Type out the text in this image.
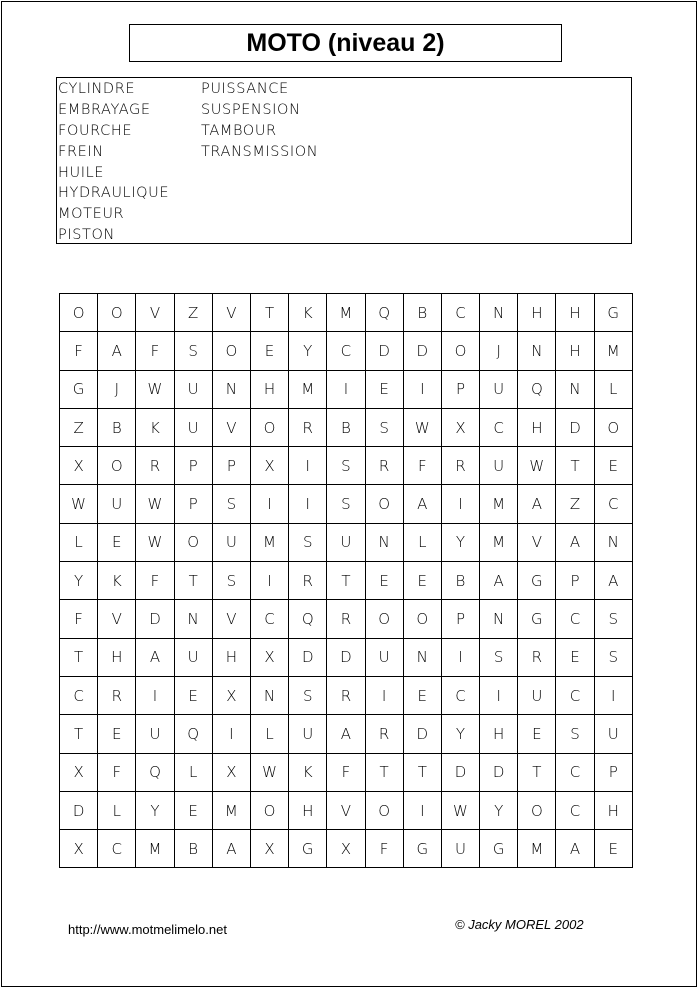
MOTO (niveau 2)
CYLINDRE
EMBRAYAGE
FOURCHE
FREIN
HUILE
HYDRAULIQUE
MOTEUR
PISTON
PUISSANCE
SUSPENSION
TAMBOUR
TRANSMISSION
O	O	V	Z	V	T	K	M	Q	B	C	N	H	H	G
F	A	F	S	O	E	Y	C	D	D	O	J	N	H	M
G	J	W	U	N	H	M	I	E	I	P	U	Q	N	L
Z	B	K	U	V	O	R	B	S	W	X	C	H	D	O
X	O	R	P	P	X	I	S	R	F	R	U	W	T	E
W	U	W	P	S	I	I	S	O	A	I	M	A	Z	C
L	E	W	O	U	M	S	U	N	L	Y	M	V	A	N
Y	K	F	T	S	I	R	T	E	E	B	A	G	P	A
F	V	D	N	V	C	Q	R	O	O	P	N	G	C	S
T	H	A	U	H	X	D	D	U	N	I	S	R	E	S
C	R	I	E	X	N	S	R	I	E	C	I	U	C	I
T	E	U	Q	I	L	U	A	R	D	Y	H	E	S	U
X	F	Q	L	X	W	K	F	T	T	D	D	T	C	P
D	L	Y	E	M	O	H	V	O	I	W	Y	O	C	H
X	C	M	B	A	X	G	X	F	G	U	G	M	A	E
http://www.motmelimelo.net	© Jacky MOREL 2002
